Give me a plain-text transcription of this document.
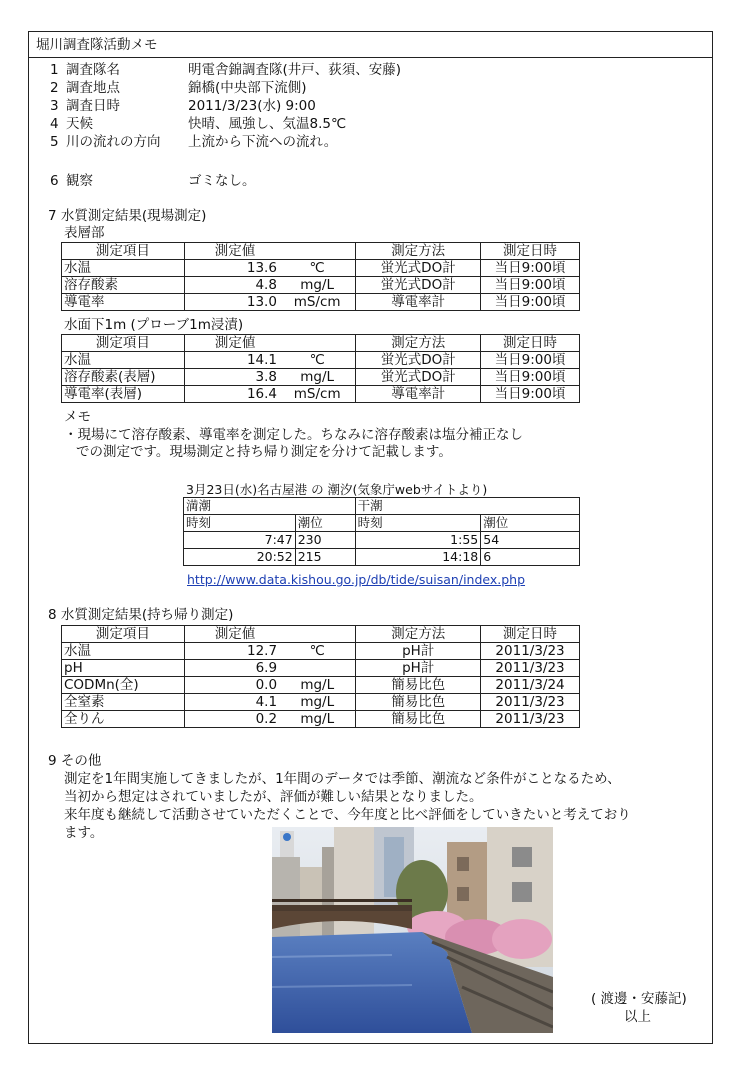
堀川調査隊活動メモ
1 調査隊名	明電舎錦調査隊(井戸、荻須、安藤)
2 調査地点	錦橋(中央部下流側)
3 調査日時	2011/3/23(水) 9:00
4 天候	快晴、風強し、気温8.5℃
5 川の流れの方向 上流から下流への流れ。
6 観察	ゴミなし。
7 水質測定結果(現場測定)
表層部
測定項目	測定値		測定方法	測定日時
水温	13.6	℃	蛍光式DO計	当日9:00頃
溶存酸素	4.8	mg/L	蛍光式DO計	当日9:00頃
導電率	13.0	mS/cm	導電率計	当日9:00頃
水面下1m (プローブ1m浸漬)
測定項目	測定値		測定方法	測定日時
水温	14.1	℃	蛍光式DO計	当日9:00頃
溶存酸素(表層)	3.8	mg/L	蛍光式DO計	当日9:00頃
導電率(表層)	16.4	mS/cm	導電率計	当日9:00頃
メモ
・現場にて溶存酸素、導電率を測定した。ちなみに溶存酸素は塩分補正なし
での測定です。現場測定と持ち帰り測定を分けて記載します。
3月23日(水)名古屋港 の 潮汐(気象庁webサイトより)
満潮		干潮	
時刻	潮位	時刻	潮位
7:47	230	1:55	54
20:52	215	14:18	6
http://www.data.kishou.go.jp/db/tide/suisan/index.php
8 水質測定結果(持ち帰り測定)
測定項目	測定値		測定方法	測定日時
水温	12.7	℃	pH計	2011/3/23
pH	6.9		pH計	2011/3/23
CODMn(全)	0.0	mg/L	簡易比色	2011/3/24
全窒素	4.1	mg/L	簡易比色	2011/3/23
全りん	0.2	mg/L	簡易比色	2011/3/23
9 その他
測定を1年間実施してきましたが、1年間のデータでは季節、潮流など条件がことなるため、
当初から想定はされていましたが、評価が難しい結果となりました。
来年度も継続して活動させていただくことで、今年度と比べ評価をしていきたいと考えており
ます。
( 渡邊・安藤記)
以上
